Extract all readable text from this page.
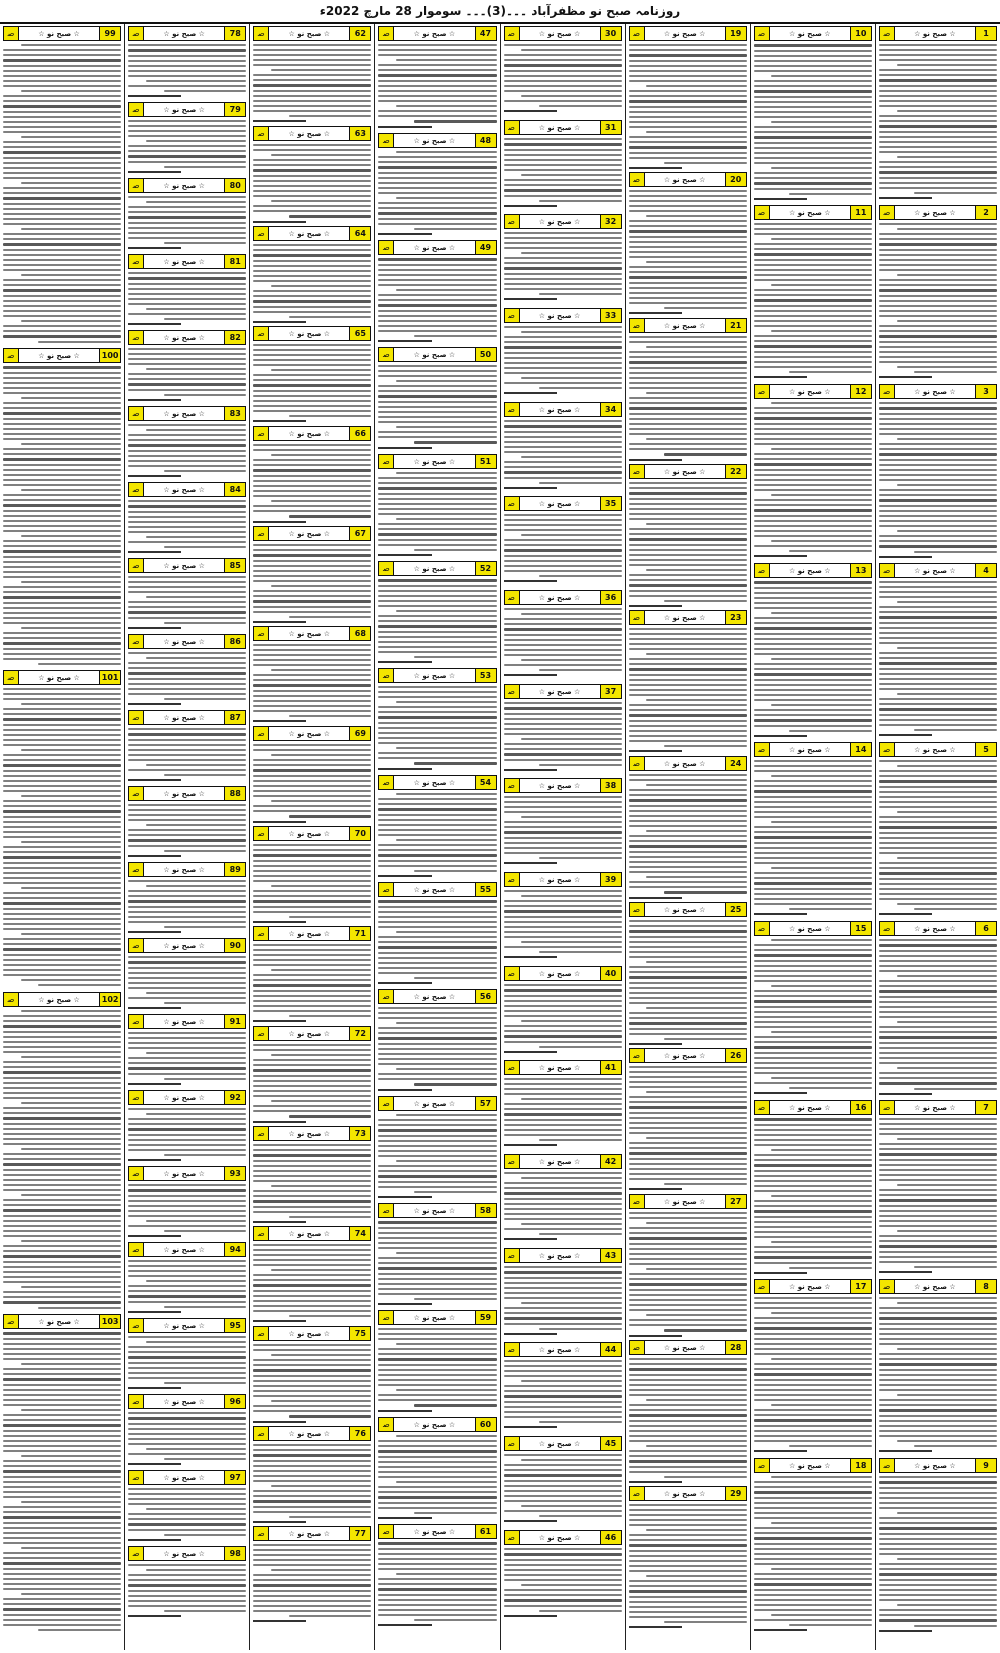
روزنامہ صبح نو مظفرآباد ۔۔۔(3)۔۔۔ سوموار 28 مارچ 2022ء
1
☆ صبح نو ☆
ﺻ
2
☆ صبح نو ☆
ﺻ
3
☆ صبح نو ☆
ﺻ
4
☆ صبح نو ☆
ﺻ
5
☆ صبح نو ☆
ﺻ
6
☆ صبح نو ☆
ﺻ
7
☆ صبح نو ☆
ﺻ
8
☆ صبح نو ☆
ﺻ
9
☆ صبح نو ☆
ﺻ
10
☆ صبح نو ☆
ﺻ
11
☆ صبح نو ☆
ﺻ
12
☆ صبح نو ☆
ﺻ
13
☆ صبح نو ☆
ﺻ
14
☆ صبح نو ☆
ﺻ
15
☆ صبح نو ☆
ﺻ
16
☆ صبح نو ☆
ﺻ
17
☆ صبح نو ☆
ﺻ
18
☆ صبح نو ☆
ﺻ
19
☆ صبح نو ☆
ﺻ
20
☆ صبح نو ☆
ﺻ
21
☆ صبح نو ☆
ﺻ
22
☆ صبح نو ☆
ﺻ
23
☆ صبح نو ☆
ﺻ
24
☆ صبح نو ☆
ﺻ
25
☆ صبح نو ☆
ﺻ
26
☆ صبح نو ☆
ﺻ
27
☆ صبح نو ☆
ﺻ
28
☆ صبح نو ☆
ﺻ
29
☆ صبح نو ☆
ﺻ
30
☆ صبح نو ☆
ﺻ
31
☆ صبح نو ☆
ﺻ
32
☆ صبح نو ☆
ﺻ
33
☆ صبح نو ☆
ﺻ
34
☆ صبح نو ☆
ﺻ
35
☆ صبح نو ☆
ﺻ
36
☆ صبح نو ☆
ﺻ
37
☆ صبح نو ☆
ﺻ
38
☆ صبح نو ☆
ﺻ
39
☆ صبح نو ☆
ﺻ
40
☆ صبح نو ☆
ﺻ
41
☆ صبح نو ☆
ﺻ
42
☆ صبح نو ☆
ﺻ
43
☆ صبح نو ☆
ﺻ
44
☆ صبح نو ☆
ﺻ
45
☆ صبح نو ☆
ﺻ
46
☆ صبح نو ☆
ﺻ
47
☆ صبح نو ☆
ﺻ
48
☆ صبح نو ☆
ﺻ
49
☆ صبح نو ☆
ﺻ
50
☆ صبح نو ☆
ﺻ
51
☆ صبح نو ☆
ﺻ
52
☆ صبح نو ☆
ﺻ
53
☆ صبح نو ☆
ﺻ
54
☆ صبح نو ☆
ﺻ
55
☆ صبح نو ☆
ﺻ
56
☆ صبح نو ☆
ﺻ
57
☆ صبح نو ☆
ﺻ
58
☆ صبح نو ☆
ﺻ
59
☆ صبح نو ☆
ﺻ
60
☆ صبح نو ☆
ﺻ
61
☆ صبح نو ☆
ﺻ
62
☆ صبح نو ☆
ﺻ
63
☆ صبح نو ☆
ﺻ
64
☆ صبح نو ☆
ﺻ
65
☆ صبح نو ☆
ﺻ
66
☆ صبح نو ☆
ﺻ
67
☆ صبح نو ☆
ﺻ
68
☆ صبح نو ☆
ﺻ
69
☆ صبح نو ☆
ﺻ
70
☆ صبح نو ☆
ﺻ
71
☆ صبح نو ☆
ﺻ
72
☆ صبح نو ☆
ﺻ
73
☆ صبح نو ☆
ﺻ
74
☆ صبح نو ☆
ﺻ
75
☆ صبح نو ☆
ﺻ
76
☆ صبح نو ☆
ﺻ
77
☆ صبح نو ☆
ﺻ
78
☆ صبح نو ☆
ﺻ
79
☆ صبح نو ☆
ﺻ
80
☆ صبح نو ☆
ﺻ
81
☆ صبح نو ☆
ﺻ
82
☆ صبح نو ☆
ﺻ
83
☆ صبح نو ☆
ﺻ
84
☆ صبح نو ☆
ﺻ
85
☆ صبح نو ☆
ﺻ
86
☆ صبح نو ☆
ﺻ
87
☆ صبح نو ☆
ﺻ
88
☆ صبح نو ☆
ﺻ
89
☆ صبح نو ☆
ﺻ
90
☆ صبح نو ☆
ﺻ
91
☆ صبح نو ☆
ﺻ
92
☆ صبح نو ☆
ﺻ
93
☆ صبح نو ☆
ﺻ
94
☆ صبح نو ☆
ﺻ
95
☆ صبح نو ☆
ﺻ
96
☆ صبح نو ☆
ﺻ
97
☆ صبح نو ☆
ﺻ
98
☆ صبح نو ☆
ﺻ
99
☆ صبح نو ☆
ﺻ
100
☆ صبح نو ☆
ﺻ
101
☆ صبح نو ☆
ﺻ
102
☆ صبح نو ☆
ﺻ
103
☆ صبح نو ☆
ﺻ
